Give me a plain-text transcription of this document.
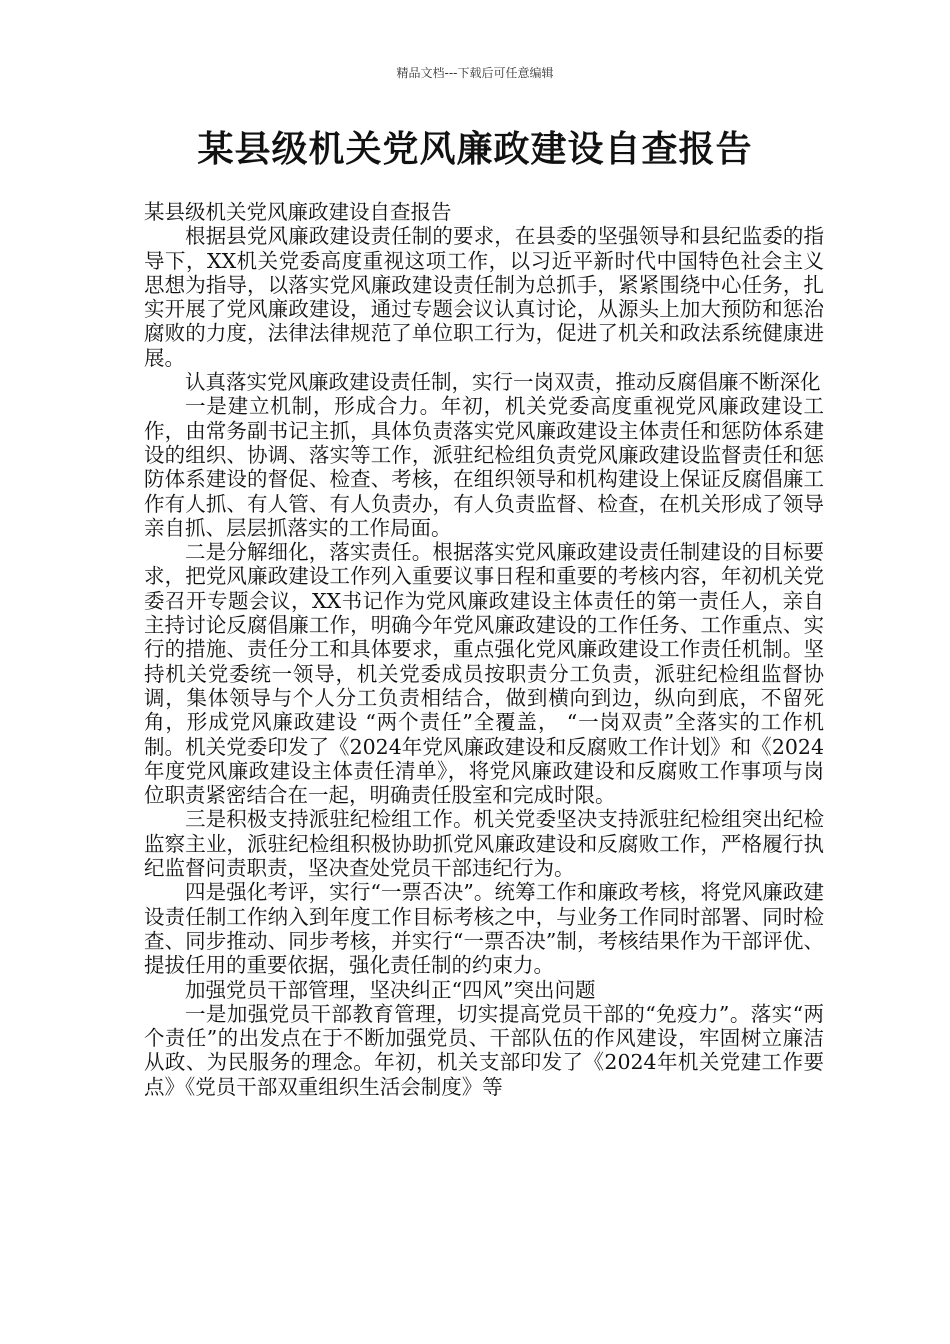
精品文档---下载后可任意编辑
某县级机关党风廉政建设自查报告

某县级机关党风廉政建设自查报告

根据县党风廉政建设责任制的要求，在县委的坚强领导和县纪监委的指导下，XX机关党委高度重视这项工作，以习近平新时代中国特色社会主义思想为指导，以落实党风廉政建设责任制为总抓手，紧紧围绕中心任务，扎实开展了党风廉政建设，通过专题会议认真讨论，从源头上加大预防和惩治腐败的力度，法律法律规范了单位职工行为，促进了机关和政法系统健康进展。

认真落实党风廉政建设责任制，实行一岗双责，推动反腐倡廉不断深化

一是建立机制，形成合力。年初，机关党委高度重视党风廉政建设工作，由常务副书记主抓，具体负责落实党风廉政建设主体责任和惩防体系建设的组织、协调、落实等工作，派驻纪检组负责党风廉政建设监督责任和惩防体系建设的督促、检查、考核，在组织领导和机构建设上保证反腐倡廉工作有人抓、有人管、有人负责办，有人负责监督、检查，在机关形成了领导亲自抓、层层抓落实的工作局面。

二是分解细化，落实责任。根据落实党风廉政建设责任制建设的目标要求，把党风廉政建设工作列入重要议事日程和重要的考核内容，年初机关党委召开专题会议，XX书记作为党风廉政建设主体责任的第一责任人，亲自主持讨论反腐倡廉工作，明确今年党风廉政建设的工作任务、工作重点、实行的措施、责任分工和具体要求，重点强化党风廉政建设工作责任机制。坚持机关党委统一领导，机关党委成员按职责分工负责，派驻纪检组监督协调，集体领导与个人分工负责相结合，做到横向到边，纵向到底，不留死角，形成党风廉政建设 “两个责任”全覆盖， “一岗双责”全落实的工作机制。机关党委印发了《2024年党风廉政建设和反腐败工作计划》和《2024年度党风廉政建设主体责任清单》，将党风廉政建设和反腐败工作事项与岗位职责紧密结合在一起，明确责任股室和完成时限。

三是积极支持派驻纪检组工作。机关党委坚决支持派驻纪检组突出纪检监察主业，派驻纪检组积极协助抓党风廉政建设和反腐败工作，严格履行执纪监督问责职责，坚决查处党员干部违纪行为。

四是强化考评，实行“一票否决”。统筹工作和廉政考核，将党风廉政建设责任制工作纳入到年度工作目标考核之中，与业务工作同时部署、同时检查、同步推动、同步考核，并实行“一票否决”制，考核结果作为干部评优、提拔任用的重要依据，强化责任制的约束力。

加强党员干部管理，坚决纠正“四风”突出问题

一是加强党员干部教育管理，切实提高党员干部的“免疫力”。落实“两个责任”的出发点在于不断加强党员、干部队伍的作风建设，牢固树立廉洁从政、为民服务的理念。年初，机关支部印发了《2024年机关党建工作要点》《党员干部双重组织生活会制度》等
